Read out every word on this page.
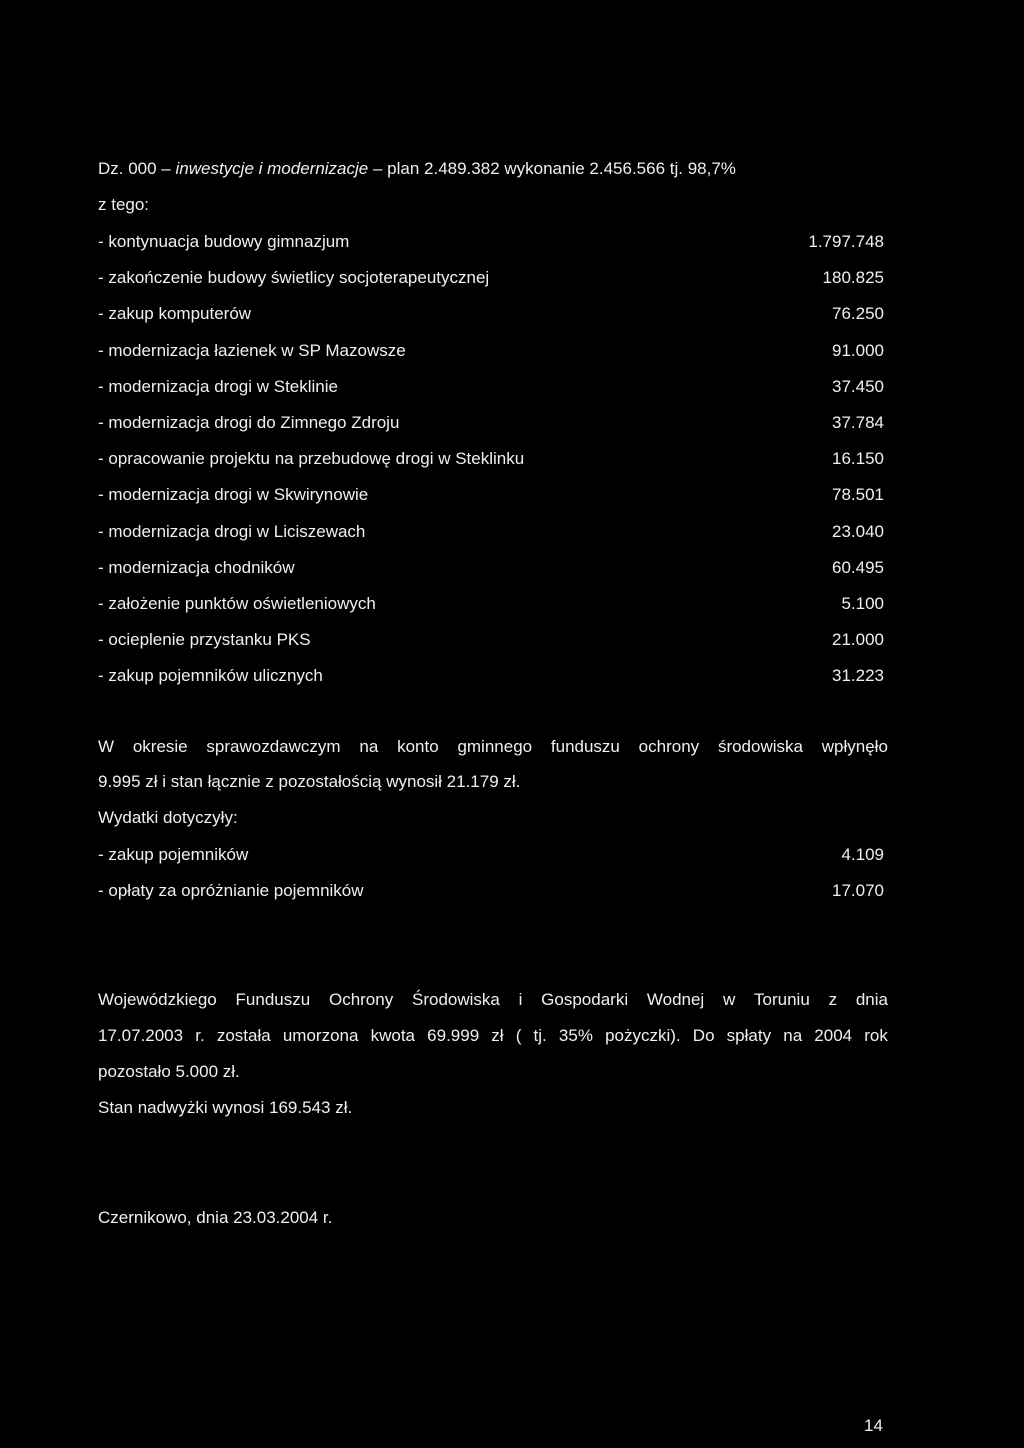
Dz. 000 – inwestycje i modernizacje – plan 2.489.382 wykonanie 2.456.566 tj. 98,7%
z tego:
- kontynuacja budowy gimnazjum	1.797.748
- zakończenie budowy świetlicy socjoterapeutycznej	180.825
- zakup komputerów	76.250
- modernizacja łazienek w SP Mazowsze	91.000
- modernizacja drogi w Steklinie	37.450
- modernizacja drogi do Zimnego Zdroju	37.784
- opracowanie projektu na przebudowę drogi w Steklinku	16.150
- modernizacja drogi w Skwirynowie	78.501
- modernizacja drogi w Liciszewach	23.040
- modernizacja chodników	60.495
- założenie punktów oświetleniowych	5.100
- ocieplenie przystanku PKS	21.000
- zakup pojemników ulicznych	31.223
W okresie sprawozdawczym na konto gminnego funduszu ochrony środowiska wpłynęło
9.995 zł i stan łącznie z pozostałością wynosił 21.179 zł.
Wydatki dotyczyły:
- zakup pojemników	4.109
- opłaty za opróżnianie pojemników	17.070
Wojewódzkiego Funduszu Ochrony Środowiska i Gospodarki Wodnej w Toruniu z dnia
17.07.2003 r. została umorzona kwota 69.999 zł ( tj. 35% pożyczki). Do spłaty na 2004 rok
pozostało 5.000 zł.
Stan nadwyżki wynosi 169.543 zł.
Czernikowo, dnia 23.03.2004 r.
14
